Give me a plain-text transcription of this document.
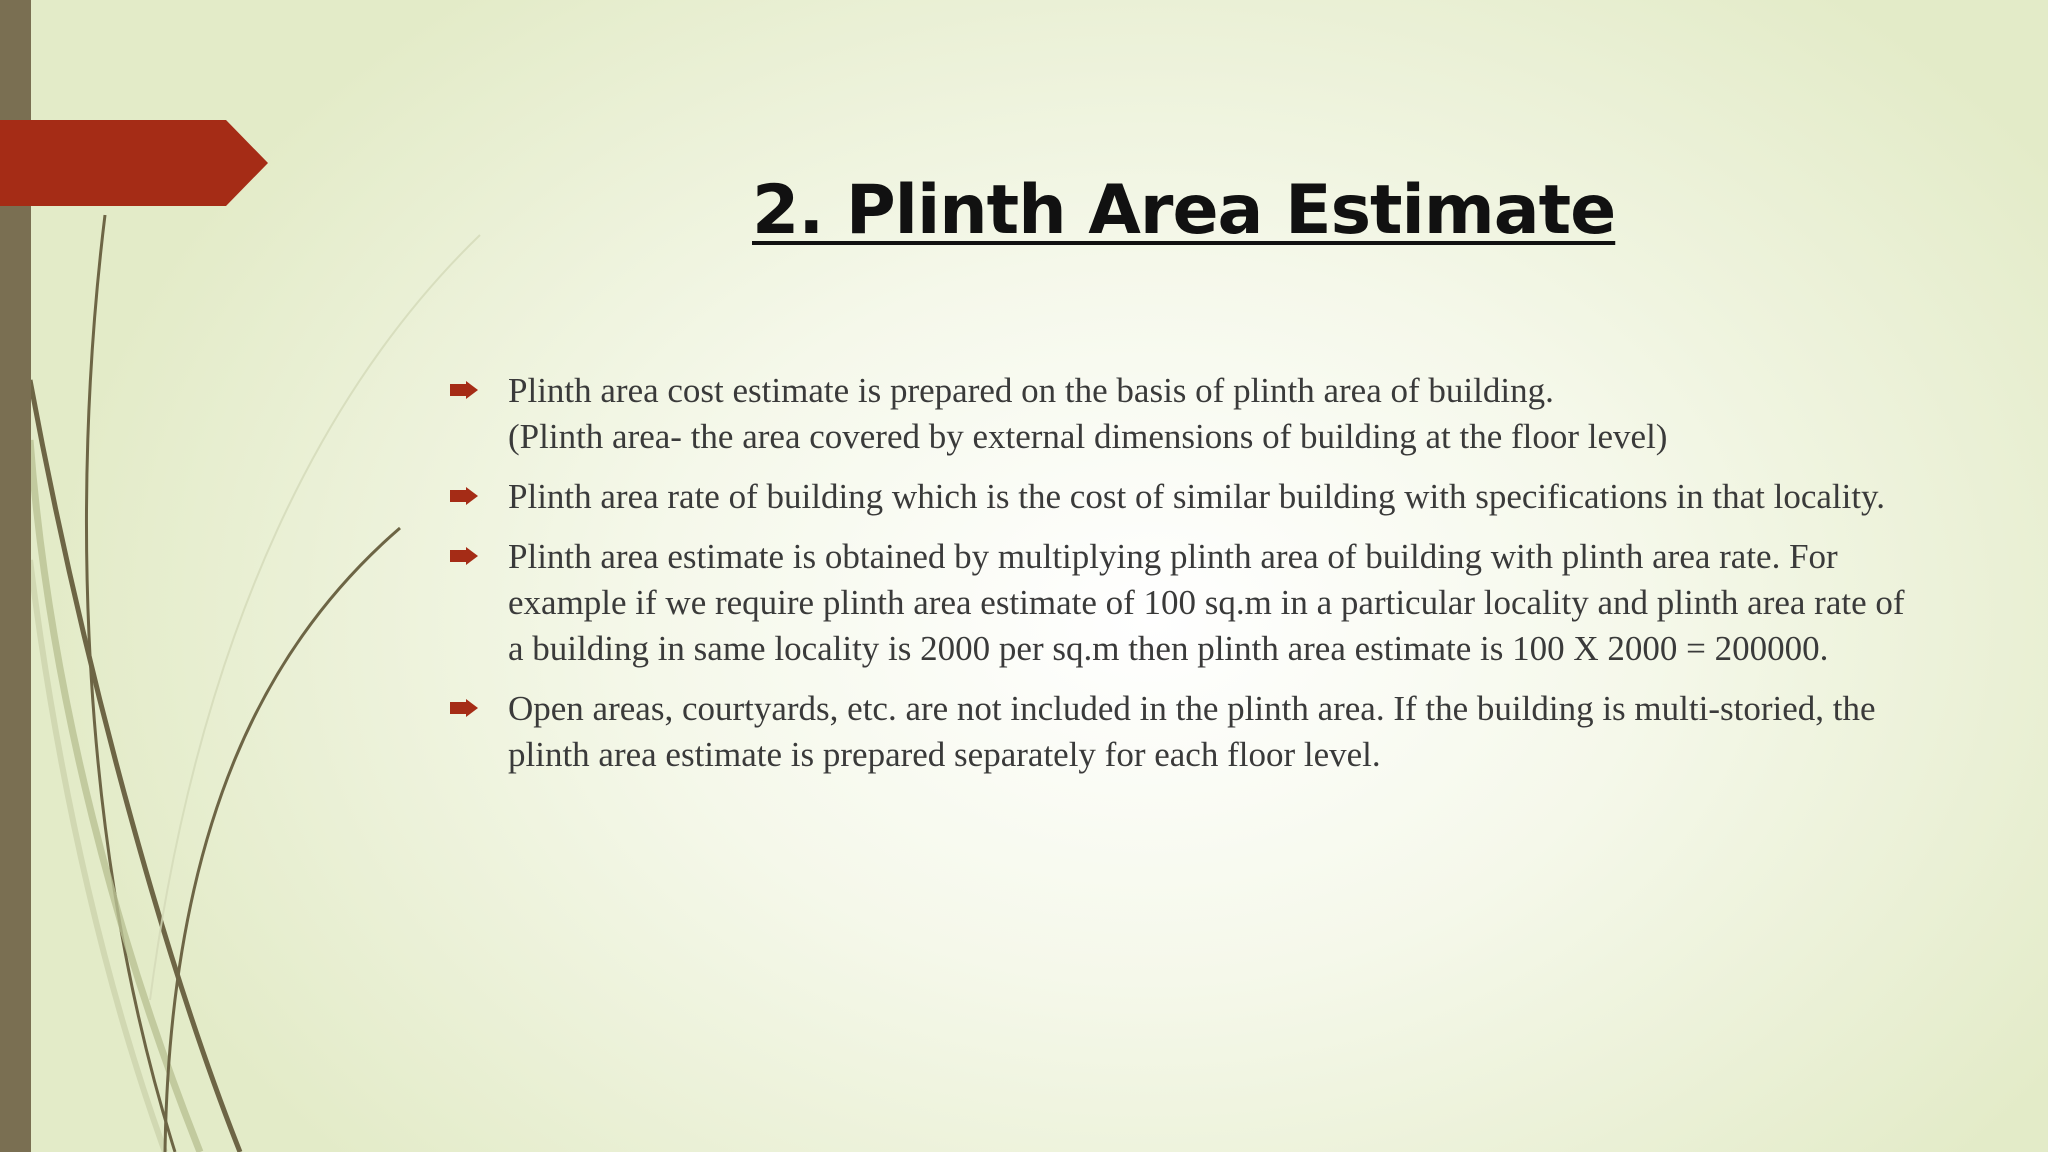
2. Plinth Area Estimate
Plinth area cost estimate is prepared on the basis of plinth area of building.
(Plinth area- the area covered by external dimensions of building at the floor level)
Plinth area rate of building which is the cost of similar building with specifications in that locality.
Plinth area estimate is obtained by multiplying plinth area of building with plinth area rate. For example if we require plinth area estimate of 100 sq.m in a particular locality and plinth area rate of a building in same locality is 2000 per sq.m then plinth area estimate is 100 X 2000 = 200000.
Open areas, courtyards, etc. are not included in the plinth area. If the building is multi-storied, the plinth area estimate is prepared separately for each floor level.
